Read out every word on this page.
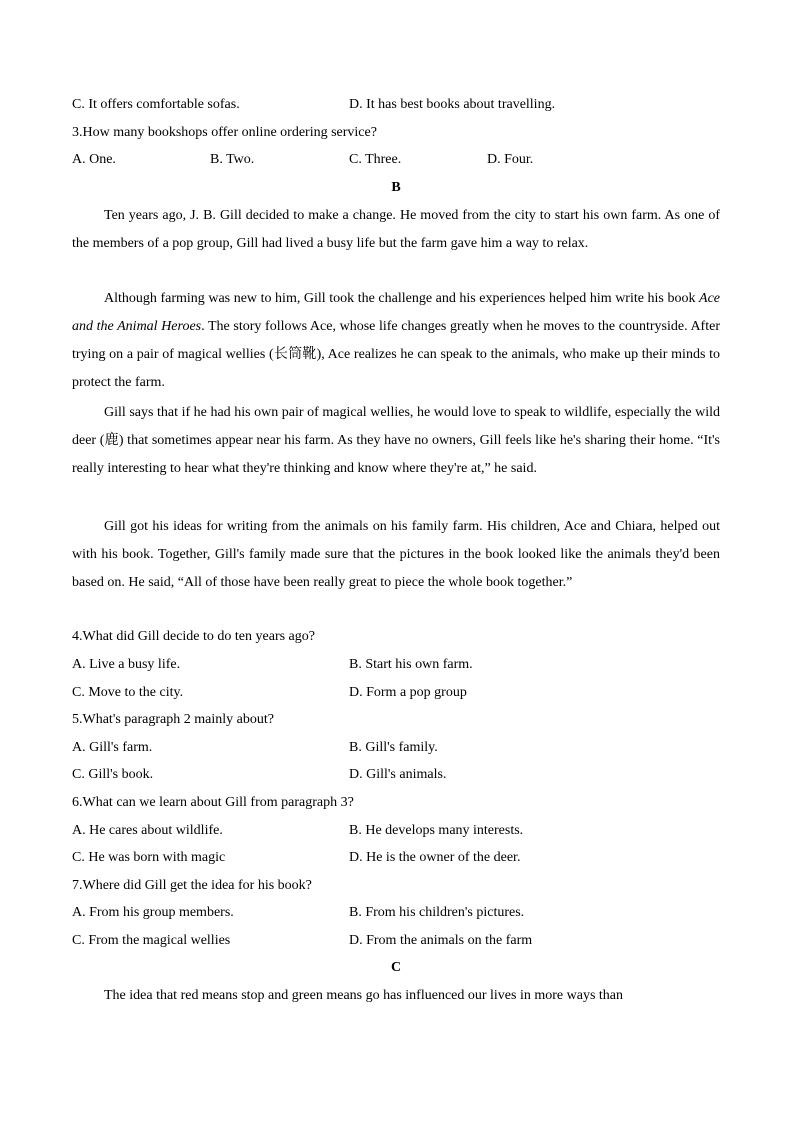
C. It offers comfortable sofas.	D. It has best books about travelling.
3.How many bookshops offer online ordering service?
A. One.	B. Two.	C. Three.	D. Four.
B
Ten years ago, J. B. Gill decided to make a change. He moved from the city to start his own farm. As one of the members of a pop group, Gill had lived a busy life but the farm gave him a way to relax.
Although farming was new to him, Gill took the challenge and his experiences helped him write his book Ace and the Animal Heroes. The story follows Ace, whose life changes greatly when he moves to the countryside. After trying on a pair of magical wellies (长筒靴), Ace realizes he can speak to the animals, who make up their minds to protect the farm.
Gill says that if he had his own pair of magical wellies, he would love to speak to wildlife, especially the wild deer (鹿) that sometimes appear near his farm. As they have no owners, Gill feels like he's sharing their home. “It's really interesting to hear what they're thinking and know where they're at,” he said.
Gill got his ideas for writing from the animals on his family farm. His children, Ace and Chiara, helped out with his book. Together, Gill's family made sure that the pictures in the book looked like the animals they'd been based on. He said, “All of those have been really great to piece the whole book together.”
4.What did Gill decide to do ten years ago?
A. Live a busy life.	B. Start his own farm.
C. Move to the city.	D. Form a pop group
5.What's paragraph 2 mainly about?
A. Gill's farm.	B. Gill's family.
C. Gill's book.	D. Gill's animals.
6.What can we learn about Gill from paragraph 3?
A. He cares about wildlife.	B. He develops many interests.
C. He was born with magic	D. He is the owner of the deer.
7.Where did Gill get the idea for his book?
A. From his group members.	B. From his children's pictures.
C. From the magical wellies	D. From the animals on the farm
C
The idea that red means stop and green means go has influenced our lives in more ways than
